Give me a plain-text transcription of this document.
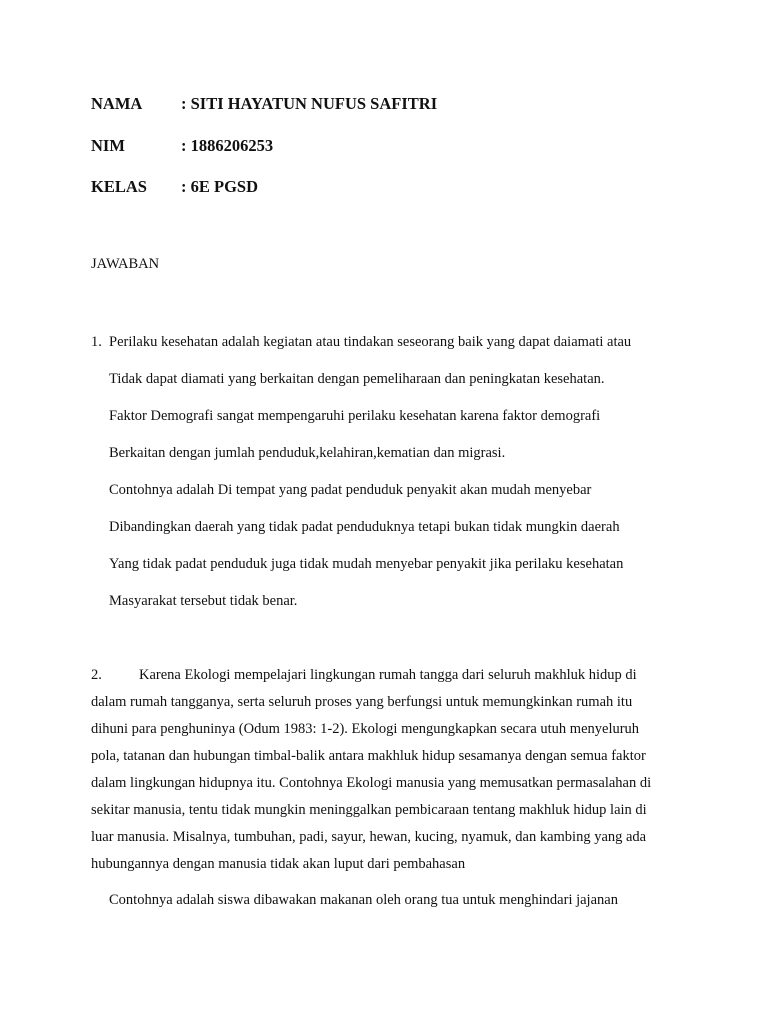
NAMA : SITI HAYATUN NUFUS SAFITRI
NIM	: 1886206253
KELAS : 6E PGSD
JAWABAN
1. Perilaku kesehatan adalah kegiatan atau tindakan seseorang baik yang dapat daiamati atau
Tidak dapat diamati yang berkaitan dengan pemeliharaan dan peningkatan kesehatan.
Faktor Demografi sangat mempengaruhi perilaku kesehatan karena faktor demografi
Berkaitan dengan jumlah penduduk,kelahiran,kematian dan migrasi.
Contohnya adalah Di tempat yang padat penduduk penyakit akan mudah menyebar
Dibandingkan daerah yang tidak padat penduduknya tetapi bukan tidak mungkin daerah
Yang tidak padat penduduk juga tidak mudah menyebar penyakit jika perilaku kesehatan
Masyarakat tersebut tidak benar.
2.	Karena Ekologi mempelajari lingkungan rumah tangga dari seluruh makhluk hidup di
dalam rumah tangganya, serta seluruh proses yang berfungsi untuk memungkinkan rumah itu
dihuni para penghuninya (Odum 1983: 1-2). Ekologi mengungkapkan secara utuh menyeluruh
pola, tatanan dan hubungan timbal-balik antara makhluk hidup sesamanya dengan semua faktor
dalam lingkungan hidupnya itu. Contohnya Ekologi manusia yang memusatkan permasalahan di
sekitar manusia, tentu tidak mungkin meninggalkan pembicaraan tentang makhluk hidup lain di
luar manusia. Misalnya, tumbuhan, padi, sayur, hewan, kucing, nyamuk, dan kambing yang ada
hubungannya dengan manusia tidak akan luput dari pembahasan
Contohnya adalah siswa dibawakan makanan oleh orang tua untuk menghindari jajanan
